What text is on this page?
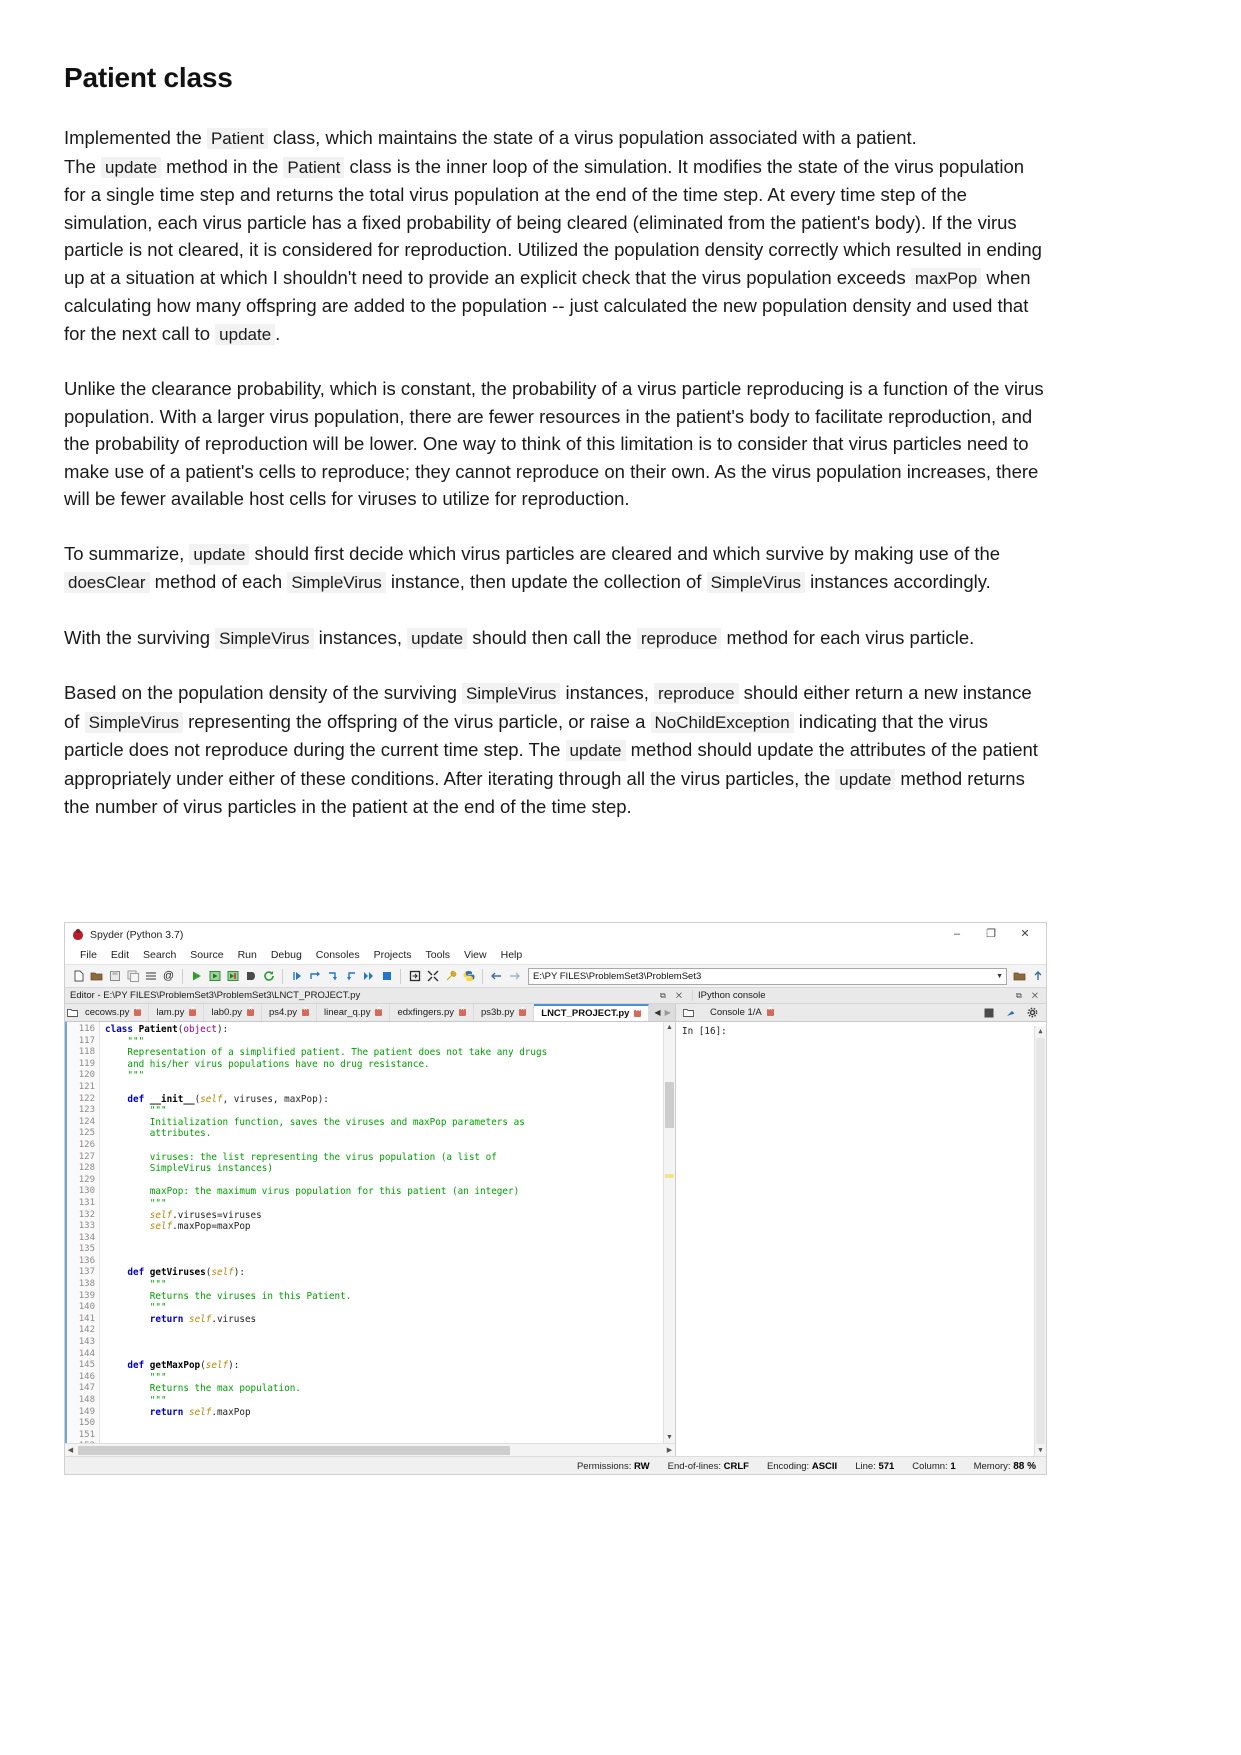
Patient class

Implemented the Patient class, which maintains the state of a virus population associated with a patient.
The update method in the Patient class is the inner loop of the simulation. It modifies the state of the virus population for a single time step and returns the total virus population at the end of the time step. At every time step of the simulation, each virus particle has a fixed probability of being cleared (eliminated from the patient's body). If the virus particle is not cleared, it is considered for reproduction. Utilized the population density correctly which resulted in ending up at a situation at which I shouldn't need to provide an explicit check that the virus population exceeds maxPop when calculating how many offspring are added to the population -- just calculated the new population density and used that for the next call to update .

Unlike the clearance probability, which is constant, the probability of a virus particle reproducing is a function of the virus population. With a larger virus population, there are fewer resources in the patient's body to facilitate reproduction, and the probability of reproduction will be lower. One way to think of this limitation is to consider that virus particles need to make use of a patient's cells to reproduce; they cannot reproduce on their own. As the virus population increases, there will be fewer available host cells for viruses to utilize for reproduction.

To summarize, update should first decide which virus particles are cleared and which survive by making use of the doesClear method of each SimpleVirus instance, then update the collection of SimpleVirus instances accordingly.

With the surviving SimpleVirus instances, update should then call the reproduce method for each virus particle.

Based on the population density of the surviving SimpleVirus instances, reproduce should either return a new instance of SimpleVirus representing the offspring of the virus particle, or raise a NoChildException indicating that the virus particle does not reproduce during the current time step. The update method should update the attributes of the patient appropriately under either of these conditions. After iterating through all the virus particles, the update method returns the number of virus particles in the patient at the end of the time step.

Spyder (Python 3.7)	–	❐	✕
File	Edit	Search	Source	Run	Debug	Consoles	Projects	Tools	View	Help
@	E:\PY FILES\ProblemSet3\ProblemSet3	▼
Editor - E:\PY FILES\ProblemSet3\ProblemSet3\LNCT_PROJECT.py	⧉ ✕	IPython console	⧉ ✕
cecows.py ×	lam.py ×	lab0.py ×	ps4.py ×	linear_q.py ×	edxfingers.py ×	ps3b.py ×	LNCT_PROJECT.py ×	◀ ▶
116
117
118
119
120
121
122
123
124
125
126
127
128
129
130
131
132
133
134
135
136
137
138
139
140
141
142
143
144
145
146
147
148
149
150
151
class Patient(object):
"""
Representation of a simplified patient. The patient does not take any drugs
and his/her virus populations have no drug resistance.
"""

def __init__(self, viruses, maxPop):
"""
Initialization function, saves the viruses and maxPop parameters as
attributes.

viruses: the list representing the virus population (a list of
SimpleVirus instances)

maxPop: the maximum virus population for this patient (an integer)
"""
self.viruses=viruses
self.maxPop=maxPop

def getViruses(self):
"""
Returns the viruses in this Patient.
"""
return self.viruses

def getMaxPop(self):
"""
Returns the max population.
"""
return self.maxPop

▲
▼
◀	▶
Console 1/A
×
In [16]:	▲
▼
Permissions: RW End-of-lines: CRLF Encoding: ASCII Line: 571 Column: 1 Memory: 88 %
